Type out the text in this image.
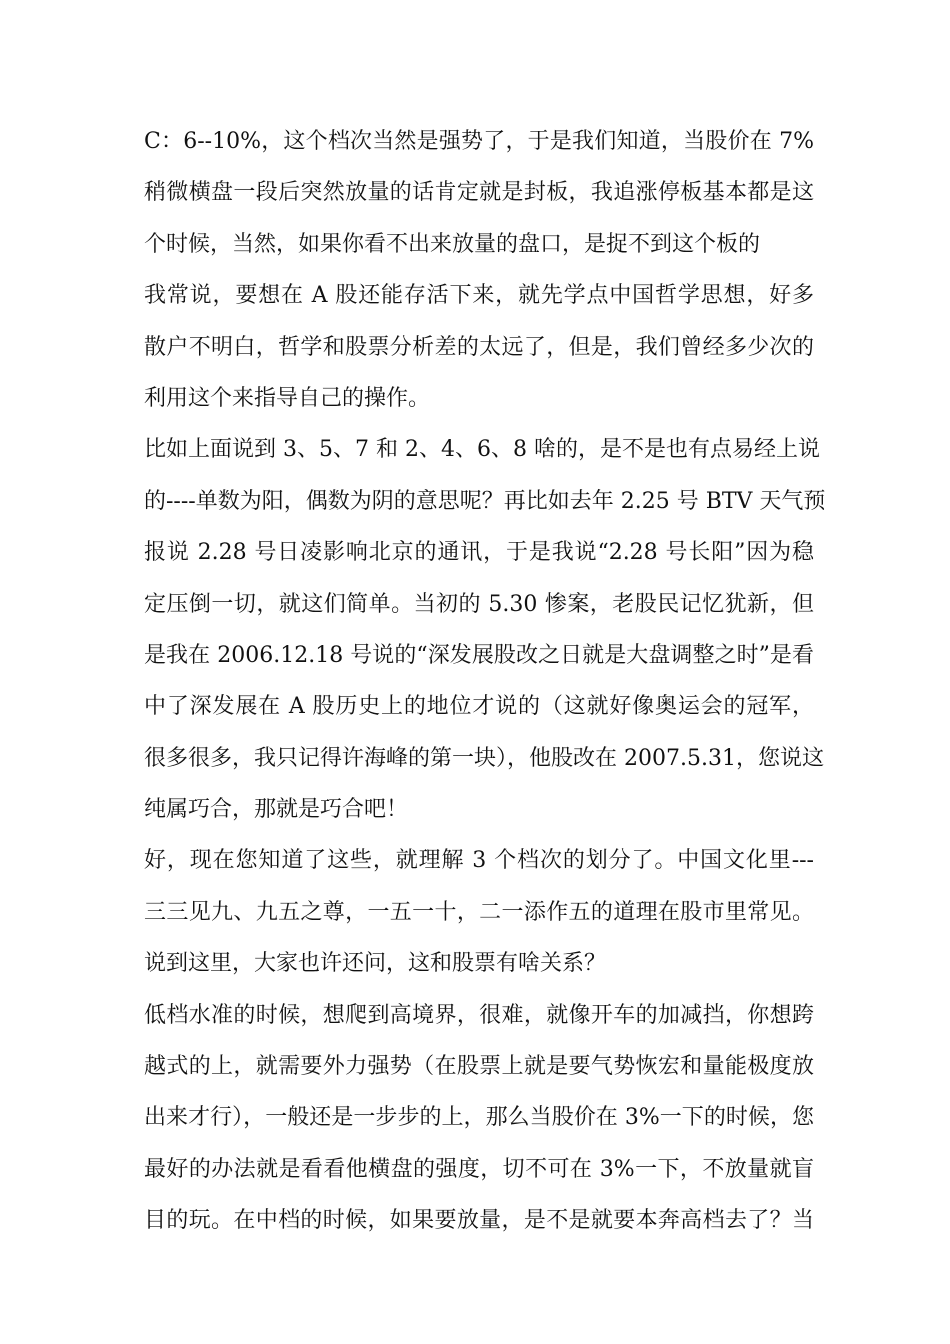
C：6--10%，这个档次当然是强势了，于是我们知道，当股价在 7%
稍微横盘一段后突然放量的话肯定就是封板，我追涨停板基本都是这
个时候，当然，如果你看不出来放量的盘口，是捉不到这个板的
我常说，要想在 A 股还能存活下来，就先学点中国哲学思想，好多
散户不明白，哲学和股票分析差的太远了，但是，我们曾经多少次的
利用这个来指导自己的操作。
比如上面说到 3、5、7 和 2、4、6、8 啥的，是不是也有点易经上说
的----单数为阳，偶数为阴的意思呢？再比如去年 2.25 号 BTV 天气预
报说 2.28 号日凌影响北京的通讯，于是我说“2.28 号长阳”因为稳
定压倒一切，就这们简单。当初的 5.30 惨案，老股民记忆犹新，但
是我在 2006.12.18 号说的“深发展股改之日就是大盘调整之时”是看
中了深发展在 A 股历史上的地位才说的（这就好像奥运会的冠军，
很多很多，我只记得许海峰的第一块），他股改在 2007.5.31，您说这
纯属巧合，那就是巧合吧！
好，现在您知道了这些，就理解 3 个档次的划分了。中国文化里---
三三见九、九五之尊，一五一十，二一添作五的道理在股市里常见。
说到这里，大家也许还问，这和股票有啥关系？
低档水准的时候，想爬到高境界，很难，就像开车的加减挡，你想跨
越式的上，就需要外力强势（在股票上就是要气势恢宏和量能极度放
出来才行），一般还是一步步的上，那么当股价在 3%一下的时候，您
最好的办法就是看看他横盘的强度，切不可在 3%一下，不放量就盲
目的玩。在中档的时候，如果要放量，是不是就要本奔高档去了？当
